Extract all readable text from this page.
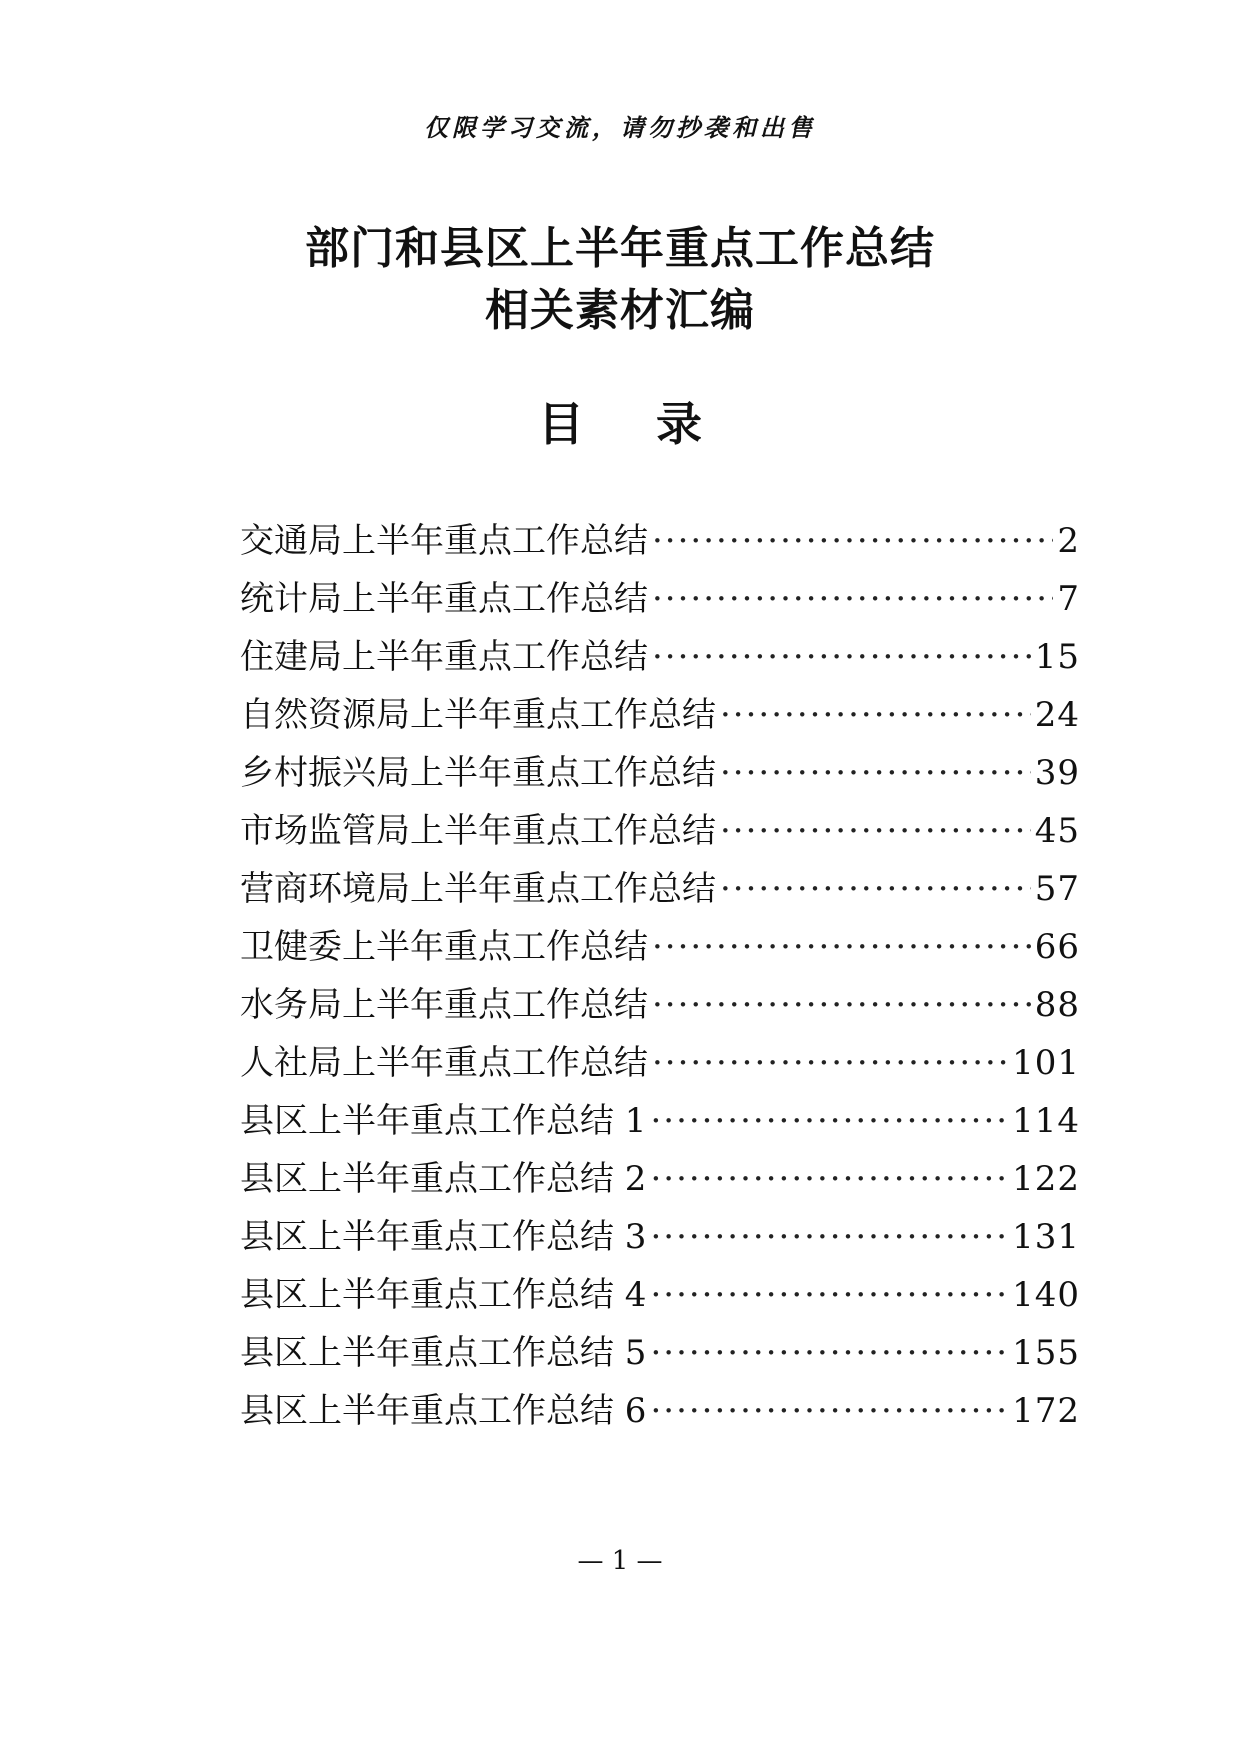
仅限学习交流，请勿抄袭和出售
部门和县区上半年重点工作总结
相关素材汇编
目 录
交通局上半年重点工作总结 ·····	2
统计局上半年重点工作总结 ·····	7
住建局上半年重点工作总结 ·····	15
自然资源局上半年重点工作总结 ·····	24
乡村振兴局上半年重点工作总结 ·····	39
市场监管局上半年重点工作总结 ·····	45
营商环境局上半年重点工作总结 ·····	57
卫健委上半年重点工作总结 ·····	66
水务局上半年重点工作总结 ·····	88
人社局上半年重点工作总结 ·····	101
县区上半年重点工作总结 1 ·····	114
县区上半年重点工作总结 2 ·····	122
县区上半年重点工作总结 3 ·····	131
县区上半年重点工作总结 4 ·····	140
县区上半年重点工作总结 5 ·····	155
县区上半年重点工作总结 6 ·····	172
— 1 —
